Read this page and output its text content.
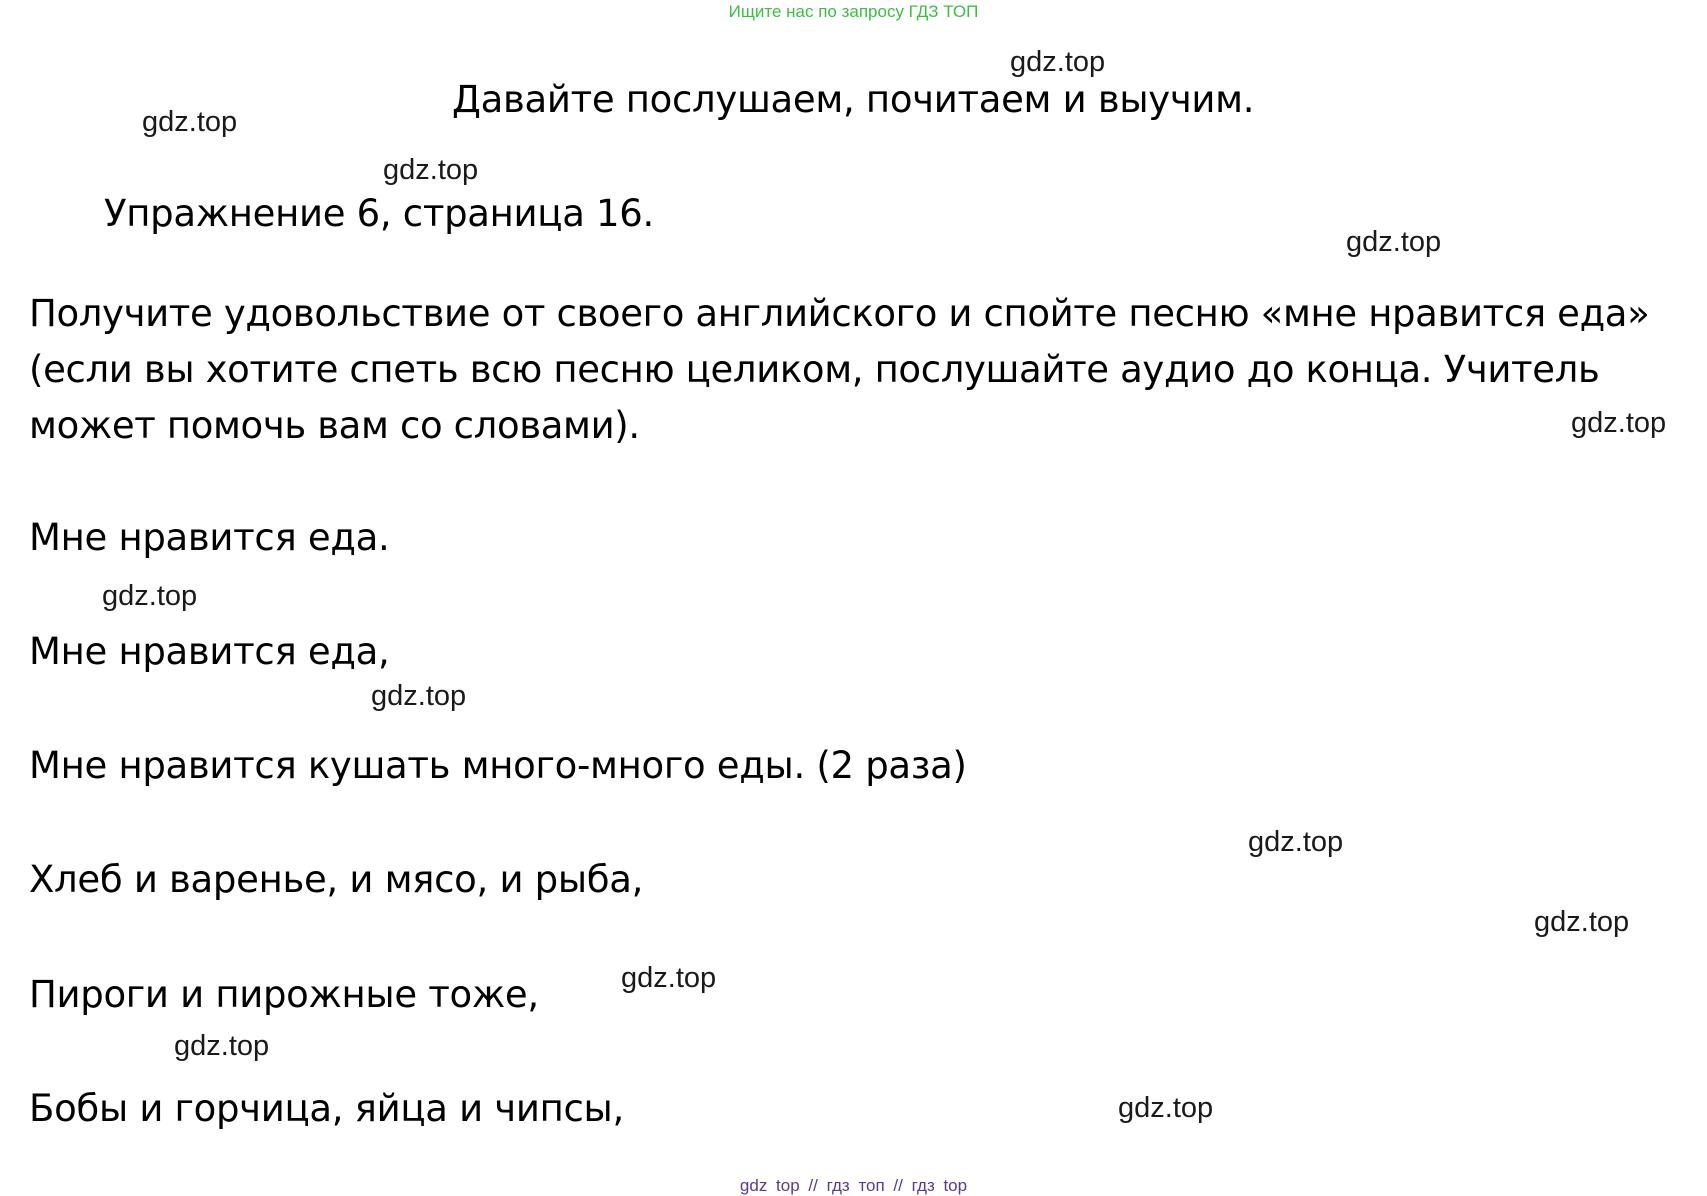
Ищите нас по запросу ГДЗ ТОП
Давайте послушаем, почитаем и выучим.
Упражнение 6, страница 16.
Получите удовольствие от своего английского и спойте песню «мне нравится еда»
(если вы хотите спеть всю песню целиком, послушайте аудио до конца. Учитель
может помочь вам со словами).
Мне нравится еда.
Мне нравится еда,
Мне нравится кушать много-много еды. (2 раза)
Хлеб и варенье, и мясо, и рыба,
Пироги и пирожные тоже,
Бобы и горчица, яйца и чипсы,
gdz.top
gdz.top
gdz.top
gdz.top
gdz.top
gdz.top
gdz.top
gdz.top
gdz.top
gdz.top
gdz.top
gdz.top
gdz top // гдз топ // гдз top
